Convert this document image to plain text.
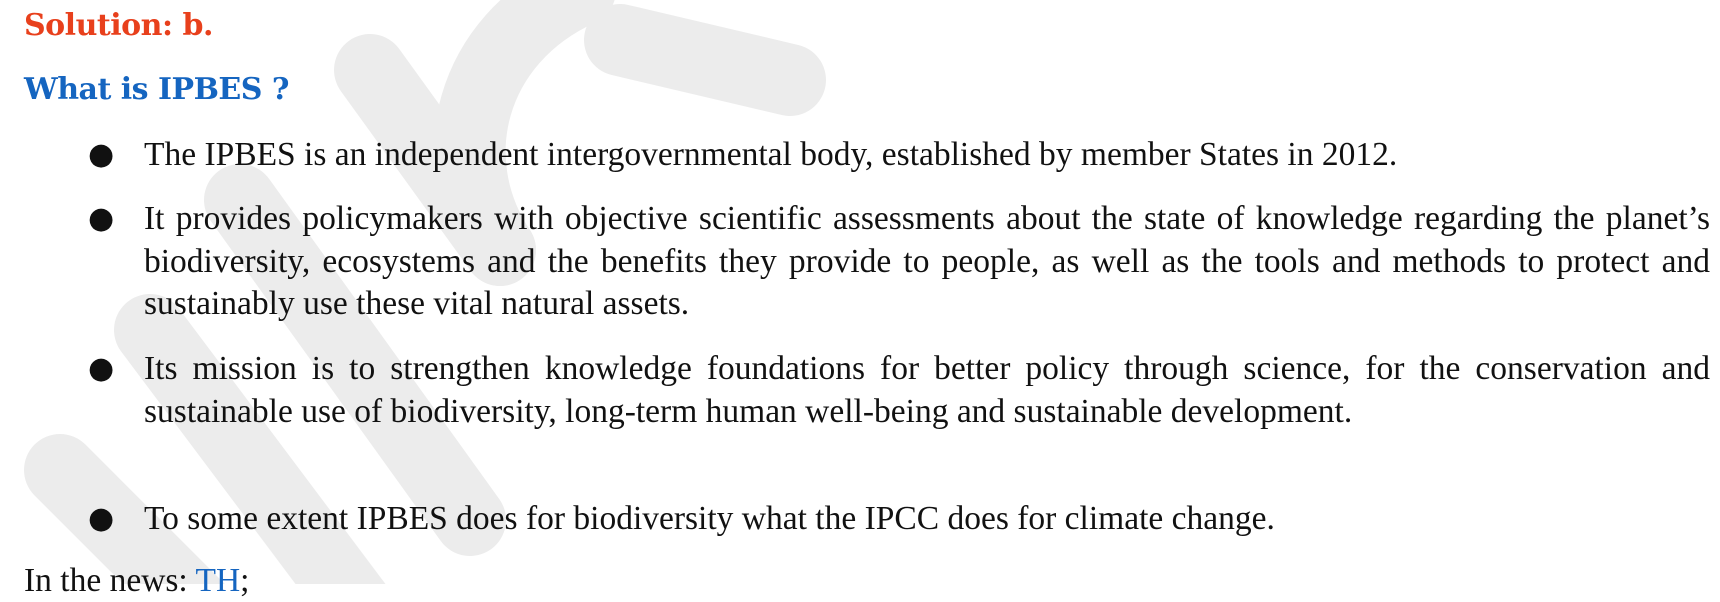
Solution: b.

What is IPBES ?
● The IPBES is an independent intergovernmental body, established by member States in 2012.
● It provides policymakers with objective scientific assessments about the state of knowledge regarding the planet’s biodiversity, ecosystems and the benefits they provide to people, as well as the tools and methods to protect and sustainably use these vital natural assets.
● Its mission is to strengthen knowledge foundations for better policy through science, for the conservation and sustainable use of biodiversity, long-term human well-being and sustainable development.
● To some extent IPBES does for biodiversity what the IPCC does for climate change.
In the news: TH;
